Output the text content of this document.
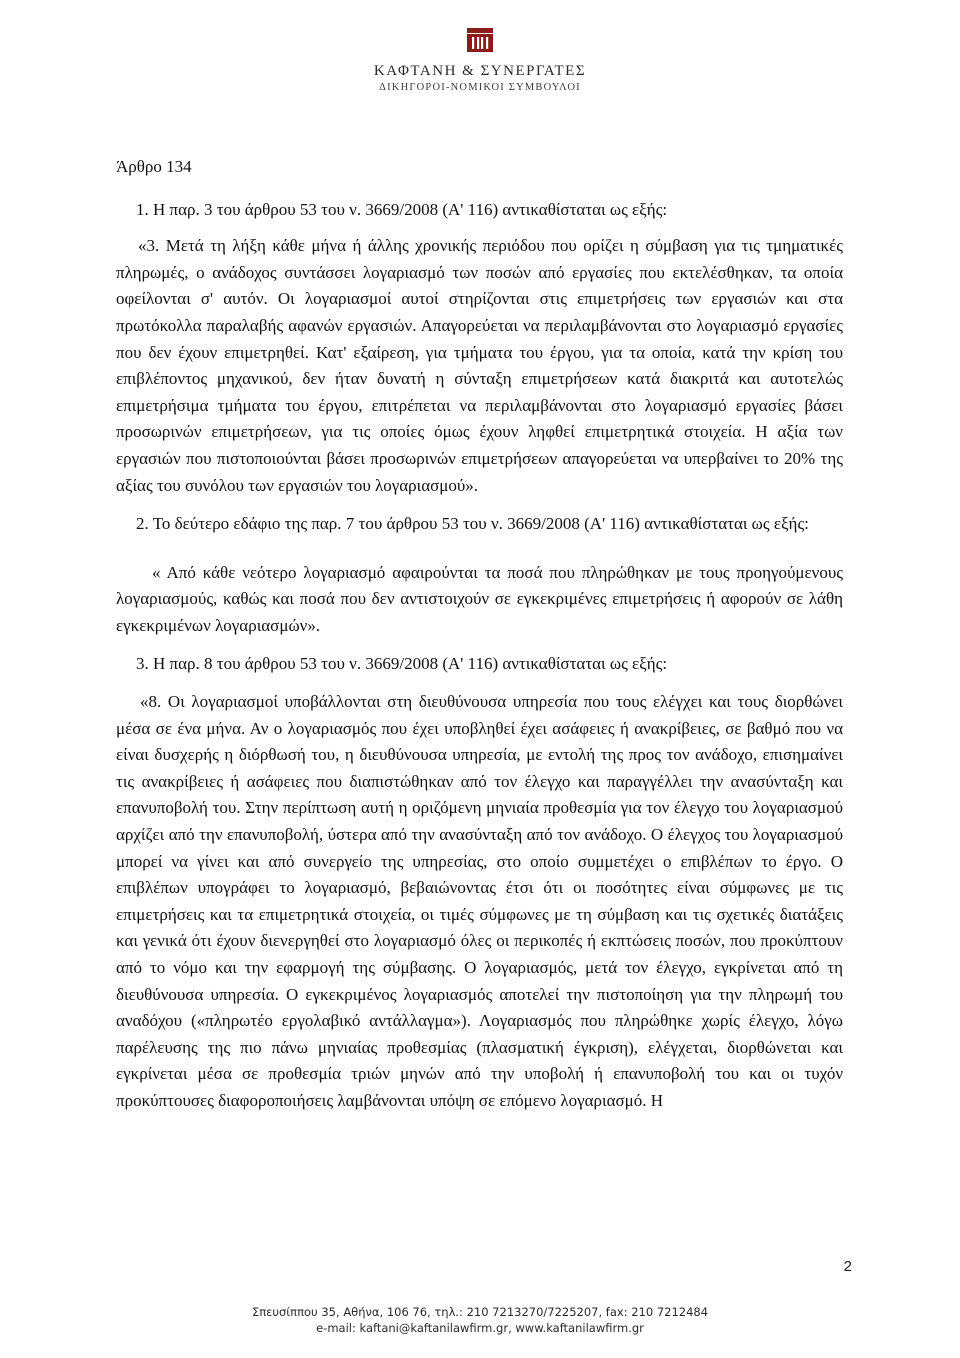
ΚΑΦΤΑΝΗ & ΣΥΝΕΡΓΑΤΕΣ
ΔΙΚΗΓΟΡΟΙ-ΝΟΜΙΚΟΙ ΣΥΜΒΟΥΛΟΙ

Άρθρο 134

1. Η παρ. 3 του άρθρου 53 του ν. 3669/2008 (Α' 116) αντικαθίσταται ως εξής:

«3. Μετά τη λήξη κάθε μήνα ή άλλης χρονικής περιόδου που ορίζει η σύμβαση για τις τμηματικές πληρωμές, ο ανάδοχος συντάσσει λογαριασμό των ποσών από εργασίες που εκτελέσθηκαν, τα οποία οφείλονται σ' αυτόν. Οι λογαριασμοί αυτοί στηρίζονται στις επιμετρήσεις των εργασιών και στα πρωτόκολλα παραλαβής αφανών εργασιών. Απαγορεύεται να περιλαμβάνονται στο λογαριασμό εργασίες που δεν έχουν επιμετρηθεί. Κατ' εξαίρεση, για τμήματα του έργου, για τα οποία, κατά την κρίση του επιβλέποντος μηχανικού, δεν ήταν δυνατή η σύνταξη επιμετρήσεων κατά διακριτά και αυτοτελώς επιμετρήσιμα τμήματα του έργου, επιτρέπεται να περιλαμβάνονται στο λογαριασμό εργασίες βάσει προσωρινών επιμετρήσεων, για τις οποίες όμως έχουν ληφθεί επιμετρητικά στοιχεία. Η αξία των εργασιών που πιστοποιούνται βάσει προσωρινών επιμετρήσεων απαγορεύεται να υπερβαίνει το 20% της αξίας του συνόλου των εργασιών του λογαριασμού».

2. Το δεύτερο εδάφιο της παρ. 7 του άρθρου 53 του ν. 3669/2008 (Α' 116) αντικαθίσταται ως εξής:

« Από κάθε νεότερο λογαριασμό αφαιρούνται τα ποσά που πληρώθηκαν με τους προηγούμενους λογαριασμούς, καθώς και ποσά που δεν αντιστοιχούν σε εγκεκριμένες επιμετρήσεις ή αφορούν σε λάθη εγκεκριμένων λογαριασμών».

3. Η παρ. 8 του άρθρου 53 του ν. 3669/2008 (Α' 116) αντικαθίσταται ως εξής:

«8. Οι λογαριασμοί υποβάλλονται στη διευθύνουσα υπηρεσία που τους ελέγχει και τους διορθώνει μέσα σε ένα μήνα. Αν ο λογαριασμός που έχει υποβληθεί έχει ασάφειες ή ανακρίβειες, σε βαθμό που να είναι δυσχερής η διόρθωσή του, η διευθύνουσα υπηρεσία, με εντολή της προς τον ανάδοχο, επισημαίνει τις ανακρίβειες ή ασάφειες που διαπιστώθηκαν από τον έλεγχο και παραγγέλλει την ανασύνταξη και επανυποβολή του. Στην περίπτωση αυτή η οριζόμενη μηνιαία προθεσμία για τον έλεγχο του λογαριασμού αρχίζει από την επανυποβολή, ύστερα από την ανασύνταξη από τον ανάδοχο. Ο έλεγχος του λογαριασμού μπορεί να γίνει και από συνεργείο της υπηρεσίας, στο οποίο συμμετέχει ο επιβλέπων το έργο. Ο επιβλέπων υπογράφει το λογαριασμό, βεβαιώνοντας έτσι ότι οι ποσότητες είναι σύμφωνες με τις επιμετρήσεις και τα επιμετρητικά στοιχεία, οι τιμές σύμφωνες με τη σύμβαση και τις σχετικές διατάξεις και γενικά ότι έχουν διενεργηθεί στο λογαριασμό όλες οι περικοπές ή εκπτώσεις ποσών, που προκύπτουν από το νόμο και την εφαρμογή της σύμβασης. Ο λογαριασμός, μετά τον έλεγχο, εγκρίνεται από τη διευθύνουσα υπηρεσία. Ο εγκεκριμένος λογαριασμός αποτελεί την πιστοποίηση για την πληρωμή του αναδόχου («πληρωτέο εργολαβικό αντάλλαγμα»). Λογαριασμός που πληρώθηκε χωρίς έλεγχο, λόγω παρέλευσης της πιο πάνω μηνιαίας προθεσμίας (πλασματική έγκριση), ελέγχεται, διορθώνεται και εγκρίνεται μέσα σε προθεσμία τριών μηνών από την υποβολή ή επανυποβολή του και οι τυχόν προκύπτουσες διαφοροποιήσεις λαμβάνονται υπόψη σε επόμενο λογαριασμό. Η

2
Σπευσίππου 35, Αθήνα, 106 76, τηλ.: 210 7213270/7225207, fax: 210 7212484
e-mail: kaftani@kaftanilawfirm.gr, www.kaftanilawfirm.gr
